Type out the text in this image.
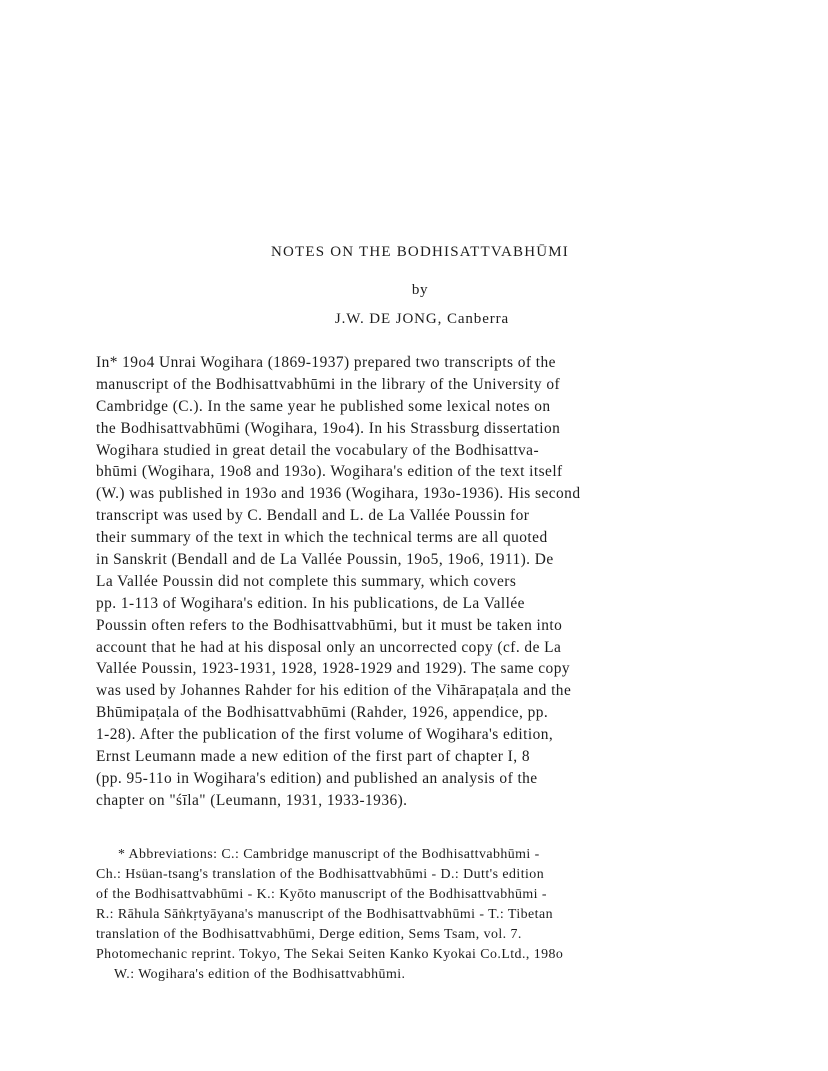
NOTES ON THE BODHISATTVABHŪMI
by
J.W. DE JONG, Canberra
In* 19o4 Unrai Wogihara (1869-1937) prepared two transcripts of the
manuscript of the Bodhisattvabhūmi in the library of the University of
Cambridge (C.). In the same year he published some lexical notes on
the Bodhisattvabhūmi (Wogihara, 19o4). In his Strassburg dissertation
Wogihara studied in great detail the vocabulary of the Bodhisattva-
bhūmi (Wogihara, 19o8 and 193o). Wogihara's edition of the text itself
(W.) was published in 193o and 1936 (Wogihara, 193o-1936). His second
transcript was used by C. Bendall and L. de La Vallée Poussin for
their summary of the text in which the technical terms are all quoted
in Sanskrit (Bendall and de La Vallée Poussin, 19o5, 19o6, 1911). De
La Vallée Poussin did not complete this summary, which covers
pp. 1-113 of Wogihara's edition. In his publications, de La Vallée
Poussin often refers to the Bodhisattvabhūmi, but it must be taken into
account that he had at his disposal only an uncorrected copy (cf. de La
Vallée Poussin, 1923-1931, 1928, 1928-1929 and 1929). The same copy
was used by Johannes Rahder for his edition of the Vihārapaṭala and the
Bhūmipaṭala of the Bodhisattvabhūmi (Rahder, 1926, appendice, pp.
1-28). After the publication of the first volume of Wogihara's edition,
Ernst Leumann made a new edition of the first part of chapter I, 8
(pp. 95-11o in Wogihara's edition) and published an analysis of the
chapter on "śīla" (Leumann, 1931, 1933-1936).
* Abbreviations: C.: Cambridge manuscript of the Bodhisattvabhūmi -
Ch.: Hsüan-tsang's translation of the Bodhisattvabhūmi - D.: Dutt's edition
of the Bodhisattvabhūmi - K.: Kyōto manuscript of the Bodhisattvabhūmi -
R.: Rāhula Sāṅkṛtyāyana's manuscript of the Bodhisattvabhūmi - T.: Tibetan
translation of the Bodhisattvabhūmi, Derge edition, Sems Tsam, vol. 7.
Photomechanic reprint. Tokyo, The Sekai Seiten Kanko Kyokai Co.Ltd., 198o
W.: Wogihara's edition of the Bodhisattvabhūmi.
